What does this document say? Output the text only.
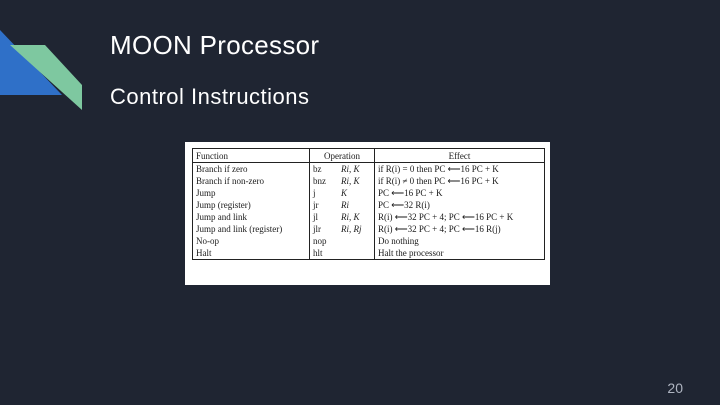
MOON Processor
Control Instructions
Function	Operation		Effect
Branch if zero	bz	Ri, K	if R(i) = 0 then PC ⟵16 PC + K
Branch if non-zero	bnz	Ri, K	if R(i) ≠ 0 then PC ⟵16 PC + K
Jump	j	K	PC ⟵16 PC + K
Jump (register)	jr	Ri	PC ⟵32 R(i)
Jump and link	jl	Ri, K	R(i) ⟵32 PC + 4; PC ⟵16 PC + K
Jump and link (register)	jlr	Ri, Rj	R(i) ⟵32 PC + 4; PC ⟵16 R(j)
No-op	nop		Do nothing
Halt	hlt		Halt the processor
20
